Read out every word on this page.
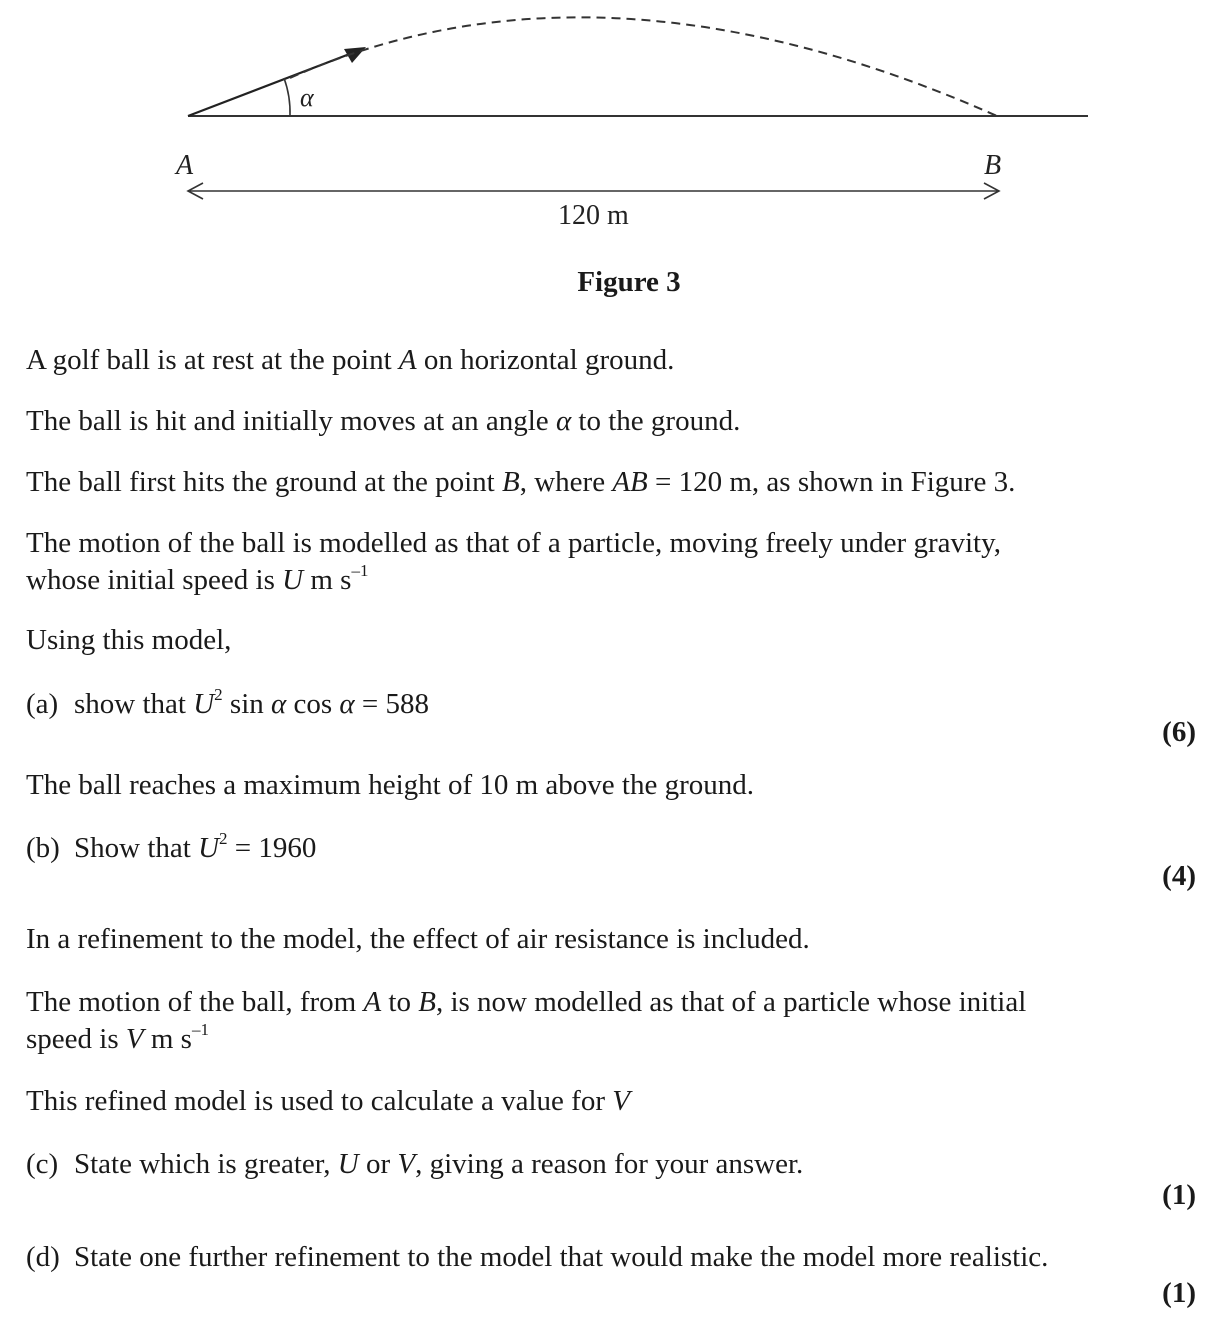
α
A	B
120 m
Figure 3
A golf ball is at rest at the point A on horizontal ground.
The ball is hit and initially moves at an angle α to the ground.
The ball first hits the ground at the point B, where AB = 120 m, as shown in Figure 3.
The motion of the ball is modelled as that of a particle, moving freely under gravity,
whose initial speed is U m $s^{-1}$
Using this model,
(a) show that $U^2$ sin α cos α = 588
(6)
The ball reaches a maximum height of 10 m above the ground.
(b) Show that $U^2 = 1960$
(4)
In a refinement to the model, the effect of air resistance is included.
The motion of the ball, from A to B, is now modelled as that of a particle whose initial
speed is V m $s^{-1}$
This refined model is used to calculate a value for V
(c) State which is greater, U or V, giving a reason for your answer.
(1)
(d) State one further refinement to the model that would make the model more realistic.
(1)
